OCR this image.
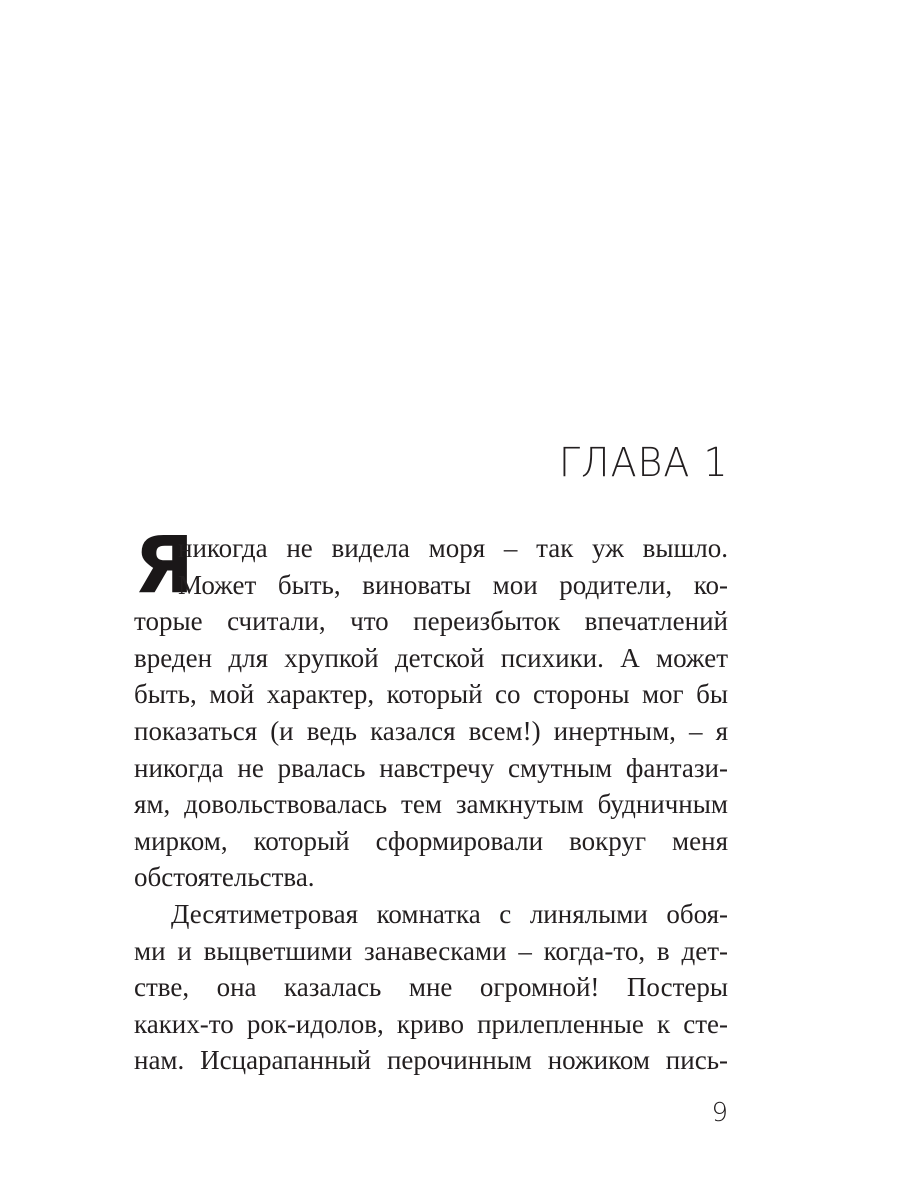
ГЛАВА 1
Я
никогда не видела моря – так уж вышло.
Может быть, виноваты мои родители, ко-
торые считали, что переизбыток впечатлений
вреден для хрупкой детской психики. А может
быть, мой характер, который со стороны мог бы
показаться (и ведь казался всем!) инертным, – я
никогда не рвалась навстречу смутным фантази-
ям, довольствовалась тем замкнутым будничным
мирком, который сформировали вокруг меня
обстоятельства.
Десятиметровая комнатка с линялыми обоя-
ми и выцветшими занавесками – когда-то, в дет-
стве, она казалась мне огромной! Постеры
каких-то рок-идолов, криво прилепленные к сте-
нам. Исцарапанный перочинным ножиком пись-
9
